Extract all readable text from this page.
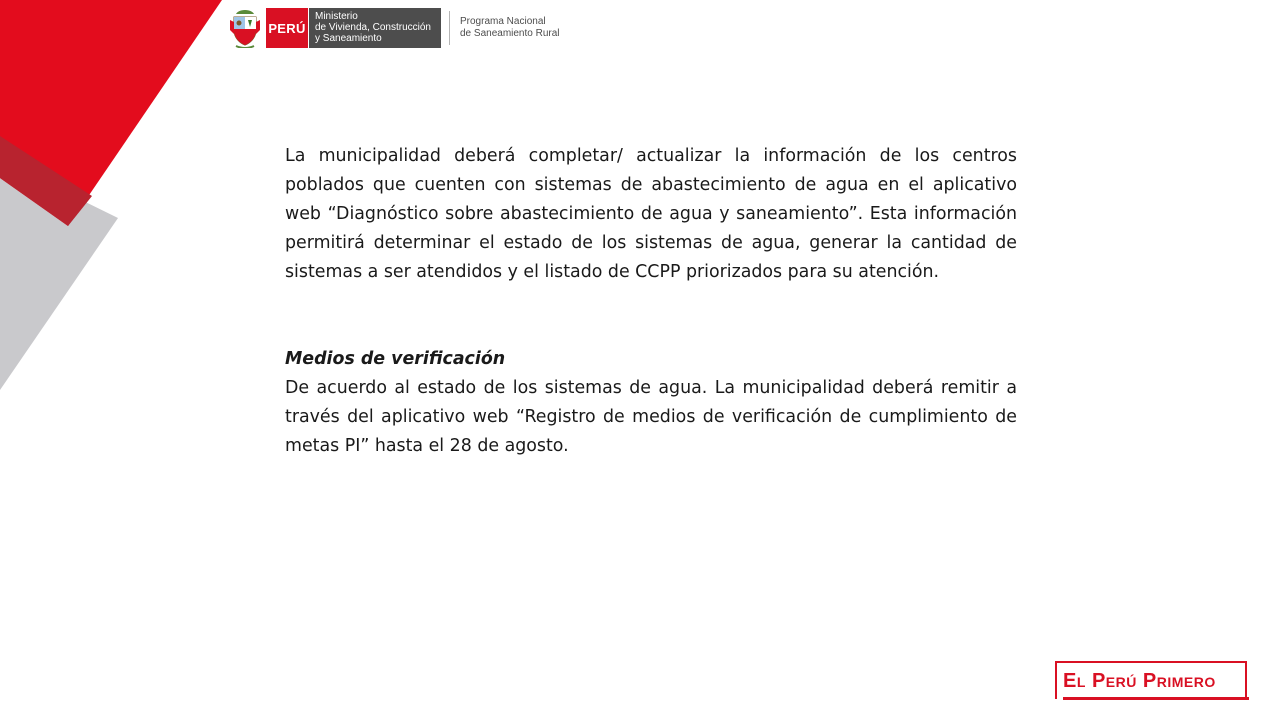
PERÚ
Ministerio
de Vivienda, Construcción
y Saneamiento
Programa Nacional
de Saneamiento Rural

La municipalidad deberá completar/ actualizar la información de los centros poblados que cuenten con sistemas de abastecimiento de agua en el aplicativo web “Diagnóstico sobre abastecimiento de agua y saneamiento”. Esta información permitirá determinar el estado de los sistemas de agua, generar la cantidad de sistemas a ser atendidos y el listado de CCPP priorizados para su atención.

Medios de verificación

De acuerdo al estado de los sistemas de agua. La municipalidad deberá remitir a través del aplicativo web “Registro de medios de verificación de cumplimiento de metas PI” hasta el 28 de agosto.

El Perú Primero
